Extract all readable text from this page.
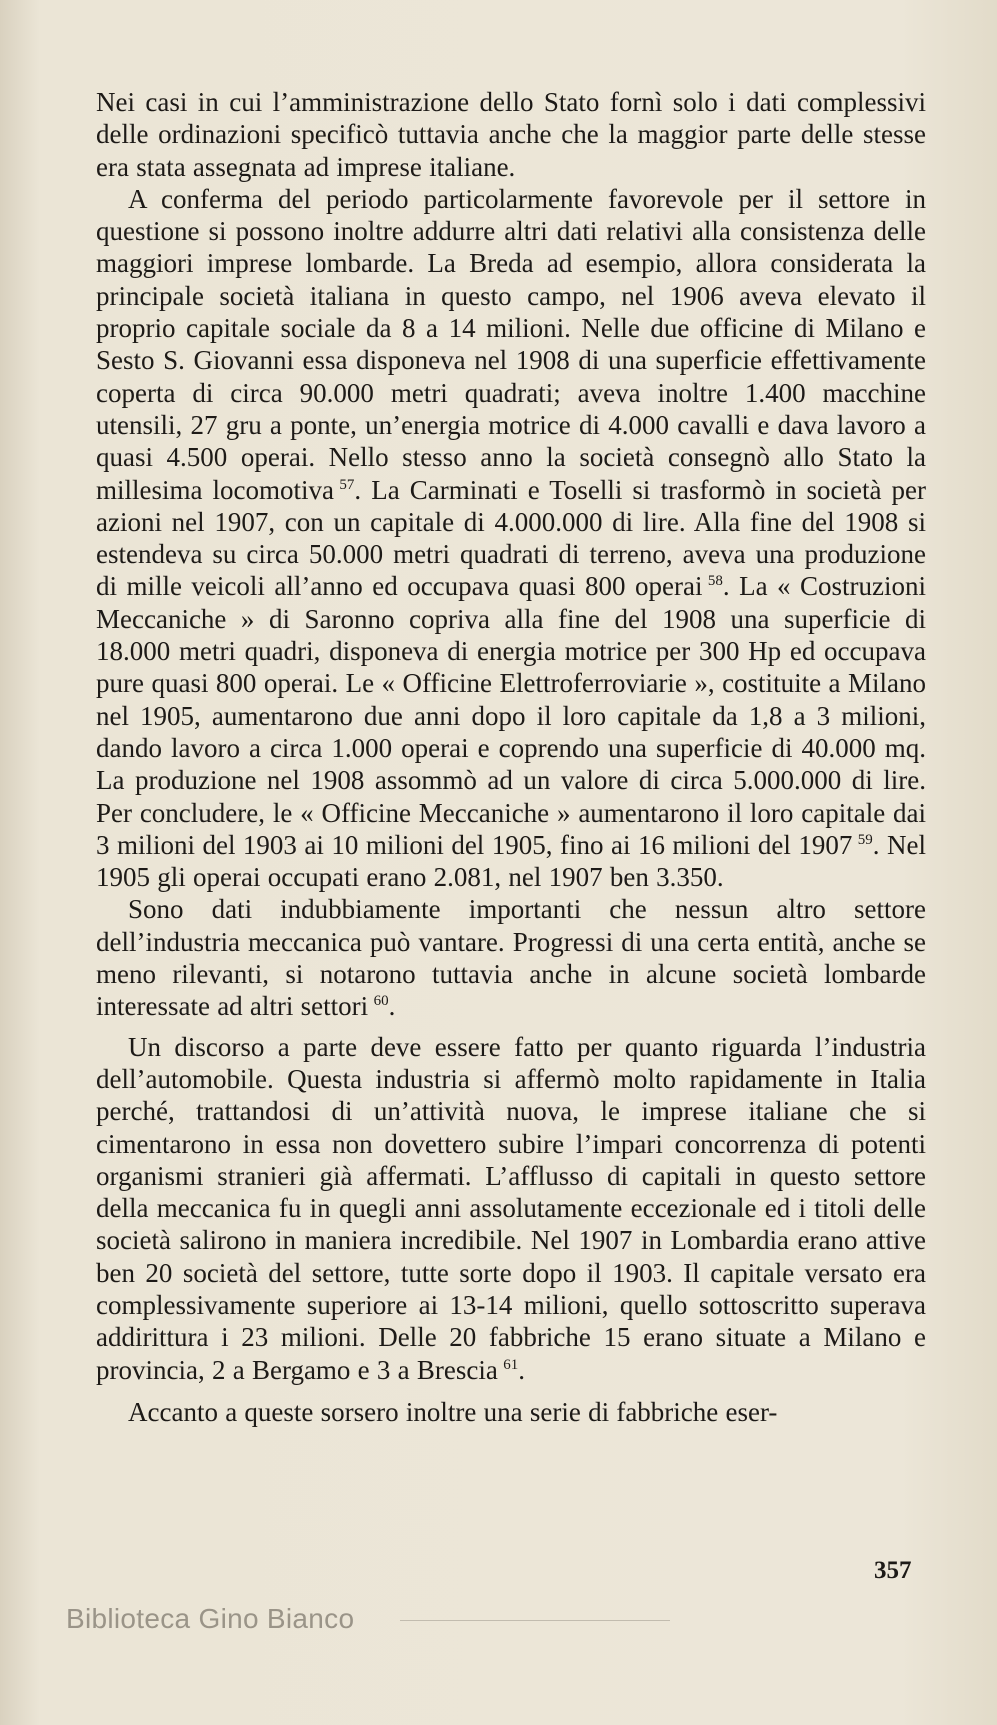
Nei casi in cui l’amministrazione dello Stato fornì solo i dati complessivi delle ordinazioni specificò tuttavia anche che la maggior parte delle stesse era stata assegnata ad imprese italiane.

A conferma del periodo particolarmente favorevole per il settore in questione si possono inoltre addurre altri dati relativi alla consistenza delle maggiori imprese lombarde. La Breda ad esempio, allora considerata la principale società italiana in questo campo, nel 1906 aveva elevato il proprio capitale sociale da 8 a 14 milioni. Nelle due officine di Milano e Sesto S. Giovanni essa disponeva nel 1908 di una superficie effettivamente coperta di circa 90.000 metri quadrati; aveva inoltre 1.400 macchine utensili, 27 gru a ponte, un’energia motrice di 4.000 cavalli e dava lavoro a quasi 4.500 operai. Nello stesso anno la società consegnò allo Stato la millesima locomotiva  $^{57}$. La Carminati e Toselli si trasformò in società per azioni nel 1907, con un capitale di 4.000.000 di lire. Alla fine del 1908 si estendeva su circa 50.000 metri quadrati di terreno, aveva una produzione di mille veicoli all’anno ed occupava quasi 800 operai  $^{58}$. La « Costruzioni Meccaniche » di Saronno copriva alla fine del 1908 una superficie di 18.000 metri quadri, disponeva di energia motrice per 300 Hp ed occupava pure quasi 800 operai. Le « Officine Elettroferroviarie », costituite a Milano nel 1905, aumentarono due anni dopo il loro capitale da 1,8 a 3 milioni, dando lavoro a circa 1.000 operai e coprendo una superficie di 40.000 mq. La produzione nel 1908 assommò ad un valore di circa 5.000.000 di lire. Per concludere, le « Officine Meccaniche » aumentarono il loro capitale dai 3 milioni del 1903 ai 10 milioni del 1905, fino ai 16 milioni del 1907  $^{59}$. Nel 1905 gli operai occupati erano 2.081, nel 1907 ben 3.350.

Sono dati indubbiamente importanti che nessun altro settore dell’industria meccanica può vantare. Progressi di una certa entità, anche se meno rilevanti, si notarono tuttavia anche in alcune società lombarde interessate ad altri settori  $^{60}$.

Un discorso a parte deve essere fatto per quanto riguarda l’industria dell’automobile. Questa industria si affermò molto rapidamente in Italia perché, trattandosi di un’attività nuova, le imprese italiane che si cimentarono in essa non dovettero subire l’impari concorrenza di potenti organismi stranieri già affermati. L’afflusso di capitali in questo settore della meccanica fu in quegli anni assolutamente eccezionale ed i titoli delle società salirono in maniera incredibile. Nel 1907 in Lombardia erano attive ben 20 società del settore, tutte sorte dopo il 1903. Il capitale versato era complessivamente superiore ai 13-14 milioni, quello sottoscritto superava addirittura i 23 milioni. Delle 20 fabbriche 15 erano situate a Milano e provincia, 2 a Bergamo e 3 a Brescia  $^{61}$.

Accanto a queste sorsero inoltre una serie di fabbriche eser-

357
Biblioteca Gino Bianco
